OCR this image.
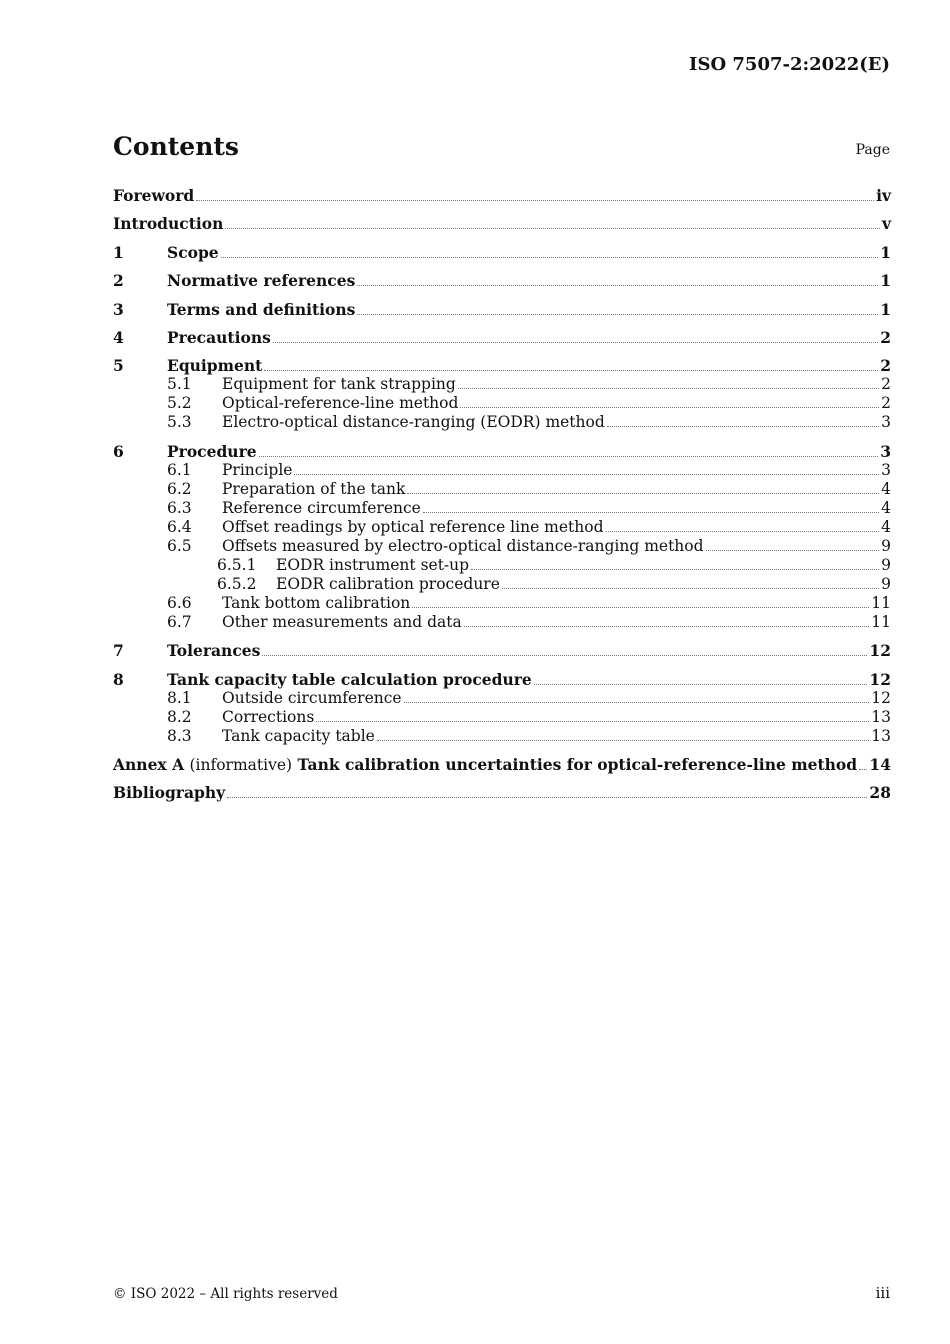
ISO 7507-2:2022(E)
Contents	Page
Foreword	iv
Introduction	v
1	Scope	1
2	Normative references	1
3	Terms and definitions	1
4	Precautions	2
5	Equipment	2
5.1	Equipment for tank strapping	2
5.2	Optical-reference-line method	2
5.3	Electro-optical distance-ranging (EODR) method	3
6	Procedure	3
6.1	Principle	3
6.2	Preparation of the tank	4
6.3	Reference circumference	4
6.4	Offset readings by optical reference line method	4
6.5	Offsets measured by electro-optical distance-ranging method	9
6.5.1	EODR instrument set-up	9
6.5.2	EODR calibration procedure	9
6.6	Tank bottom calibration	11
6.7	Other measurements and data	11
7	Tolerances	12
8	Tank capacity table calculation procedure	12
8.1	Outside circumference	12
8.2	Corrections	13
8.3	Tank capacity table	13
Annex A (informative) Tank calibration uncertainties for optical-reference-line method 14
Bibliography	28
© ISO 2022 – All rights reserved	iii
